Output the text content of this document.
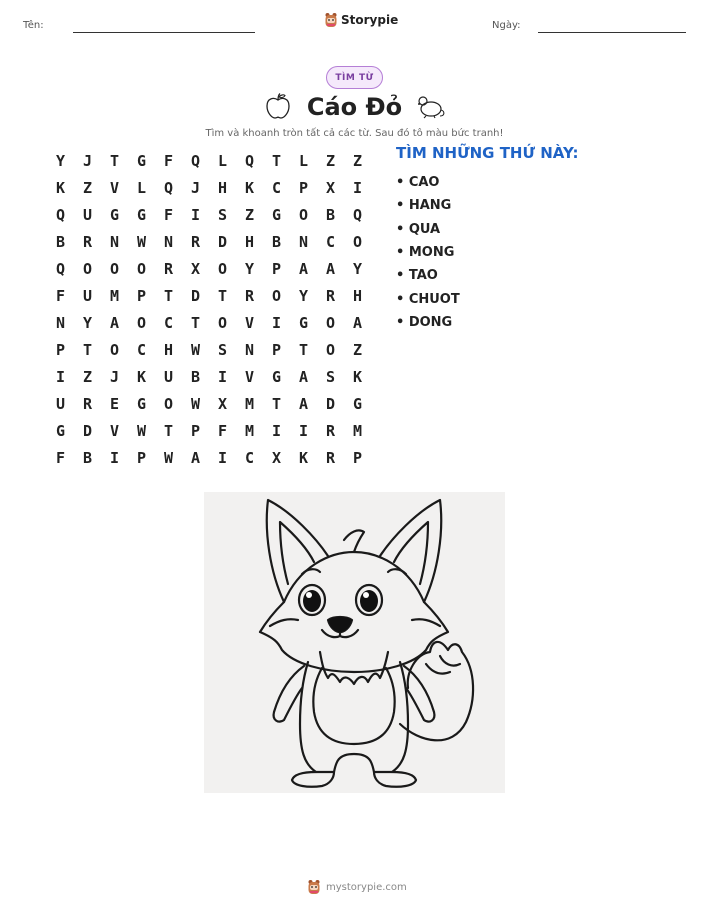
Tên:	Storypie	Ngày:
TÌM TỪ
Cáo Đỏ
Tìm và khoanh tròn tất cả các từ. Sau đó tô màu bức tranh!
Y	J	T	G	F	Q	L	Q	T	L	Z	Z
K	Z	V	L	Q	J	H	K	C	P	X	I
Q	U	G	G	F	I	S	Z	G	O	B	Q
B	R	N	W	N	R	D	H	B	N	C	O
Q	O	O	O	R	X	O	Y	P	A	A	Y
F	U	M	P	T	D	T	R	O	Y	R	H
N	Y	A	O	C	T	O	V	I	G	O	A
P	T	O	C	H	W	S	N	P	T	O	Z
I	Z	J	K	U	B	I	V	G	A	S	K
U	R	E	G	O	W	X	M	T	A	D	G
G	D	V	W	T	P	F	M	I	I	R	M
F	B	I	P	W	A	I	C	X	K	R	P
TÌM NHỮNG THỨ NÀY:
• CAO
• HANG
• QUA
• MONG
• TAO
• CHUOT
• DONG
mystorypie.com
